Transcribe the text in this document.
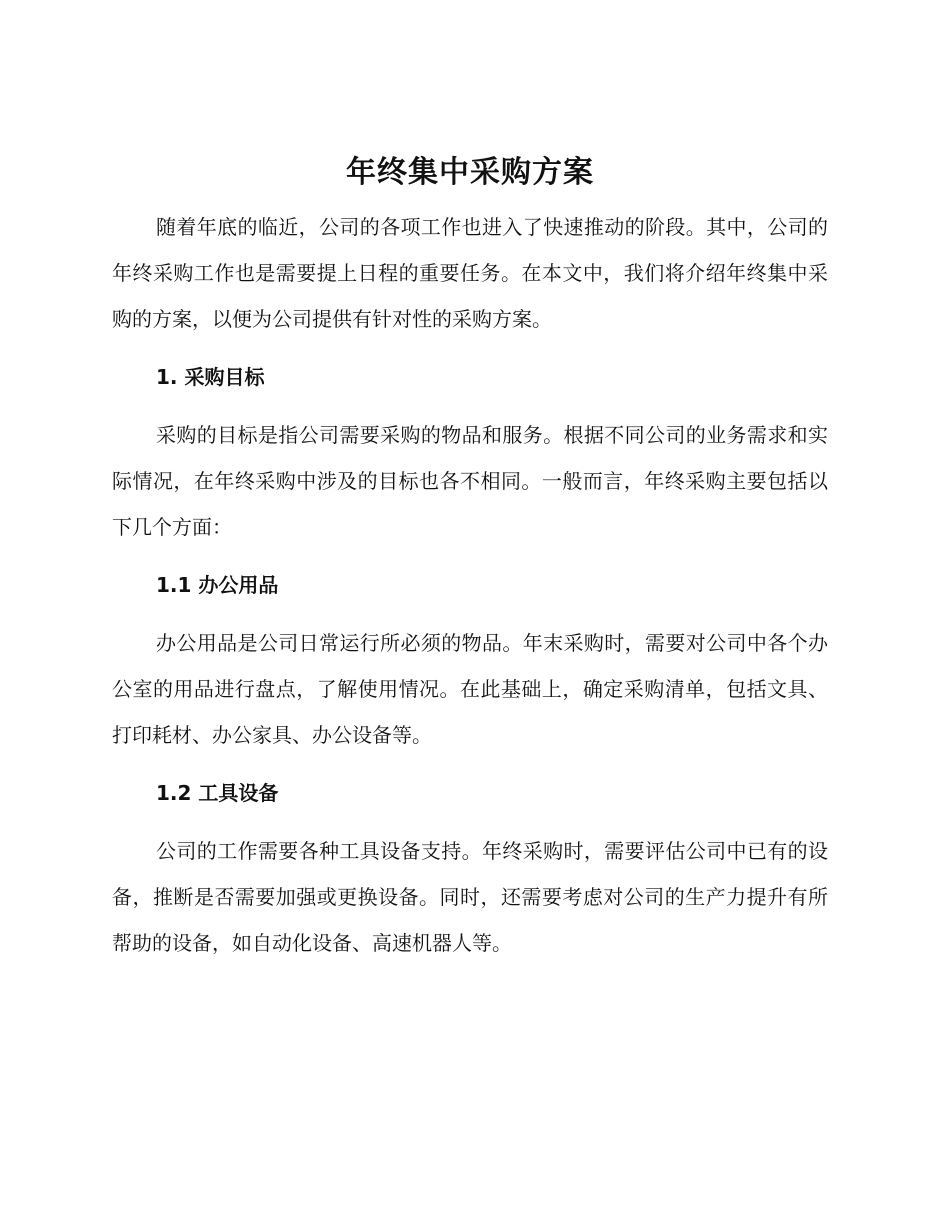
年终集中采购方案

随着年底的临近，公司的各项工作也进入了快速推动的阶段。其中，公司的年终采购工作也是需要提上日程的重要任务。在本文中，我们将介绍年终集中采购的方案，以便为公司提供有针对性的采购方案。

1. 采购目标

采购的目标是指公司需要采购的物品和服务。根据不同公司的业务需求和实际情况，在年终采购中涉及的目标也各不相同。一般而言，年终采购主要包括以下几个方面：

1.1 办公用品

办公用品是公司日常运行所必须的物品。年末采购时，需要对公司中各个办公室的用品进行盘点，了解使用情况。在此基础上，确定采购清单，包括文具、打印耗材、办公家具、办公设备等。

1.2 工具设备

公司的工作需要各种工具设备支持。年终采购时，需要评估公司中已有的设备，推断是否需要加强或更换设备。同时，还需要考虑对公司的生产力提升有所帮助的设备，如自动化设备、高速机器人等。
